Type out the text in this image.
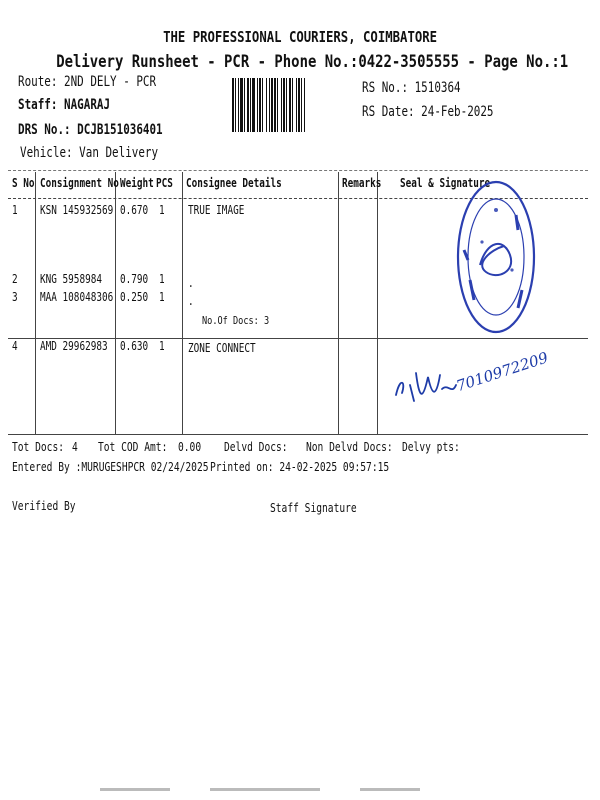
THE PROFESSIONAL COURIERS, COIMBATORE
Delivery Runsheet - PCR - Phone No.:0422-3505555 - Page No.:1
Route: 2ND DELY - PCR
Staff: NAGARAJ
DRS No.: DCJB151036401
Vehicle: Van Delivery
RS No.: 1510364
RS Date: 24-Feb-2025
S No Consignment No Weight PCS	Consignee Details	Remarks	Seal & Signature
1 KSN 145932569 0.670 1 TRUE IMAGE
2 KNG 5958984	0.790 1 .
3 MAA 108048306 0.250 1 .
No.Of Docs: 3
4 AMD 29962983	0.630 1 ZONE CONNECT
7010972209
Tot Docs: 4 Tot COD Amt: 0.00	Delvd Docs:	Non Delvd Docs: Delvy pts:
Entered By :MURUGESHPCR 02/24/2025 Printed on: 24-02-2025 09:57:15
Verified By	Staff Signature
